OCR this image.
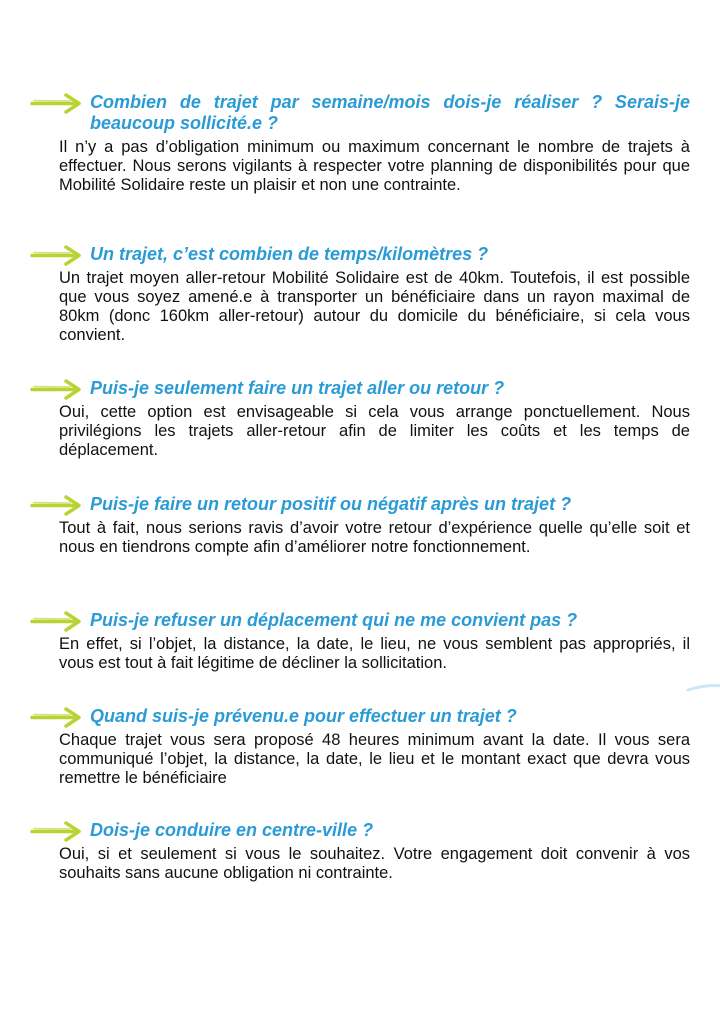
Combien de trajet par semaine/mois dois-je réaliser ? Serais-je beaucoup sollicité.e ?

Il n’y a pas d’obligation minimum ou maximum concernant le nombre de trajets à effectuer. Nous serons vigilants à respecter votre planning de disponibilités pour que Mobilité Solidaire reste un plaisir et non une contrainte.

Un trajet, c’est combien de temps/kilomètres ?

Un trajet moyen aller-retour Mobilité Solidaire est de 40km. Toutefois, il est possible que vous soyez amené.e à transporter un bénéficiaire dans un rayon maximal de 80km (donc 160km aller-retour) autour du domicile du bénéficiaire, si cela vous convient.

Puis-je seulement faire un trajet aller ou retour ?

Oui, cette option est envisageable si cela vous arrange ponctuellement. Nous privilégions les trajets aller-retour afin de limiter les coûts et les temps de déplacement.

Puis-je faire un retour positif ou négatif après un trajet ?

Tout à fait, nous serions ravis d’avoir votre retour d’expérience quelle qu’elle soit et nous en tiendrons compte afin d’améliorer notre fonctionnement.

Puis-je refuser un déplacement qui ne me convient pas ?

En effet, si l’objet, la distance, la date, le lieu, ne vous semblent pas appropriés, il vous est tout à fait légitime de décliner la sollicitation.

Quand suis-je prévenu.e pour effectuer un trajet ?

Chaque trajet vous sera proposé 48 heures minimum avant la date. Il vous sera communiqué l’objet, la distance, la date, le lieu et le montant exact que devra vous remettre le bénéficiaire

Dois-je conduire en centre-ville ?

Oui, si et seulement si vous le souhaitez. Votre engagement doit convenir à vos souhaits sans aucune obligation ni contrainte.
